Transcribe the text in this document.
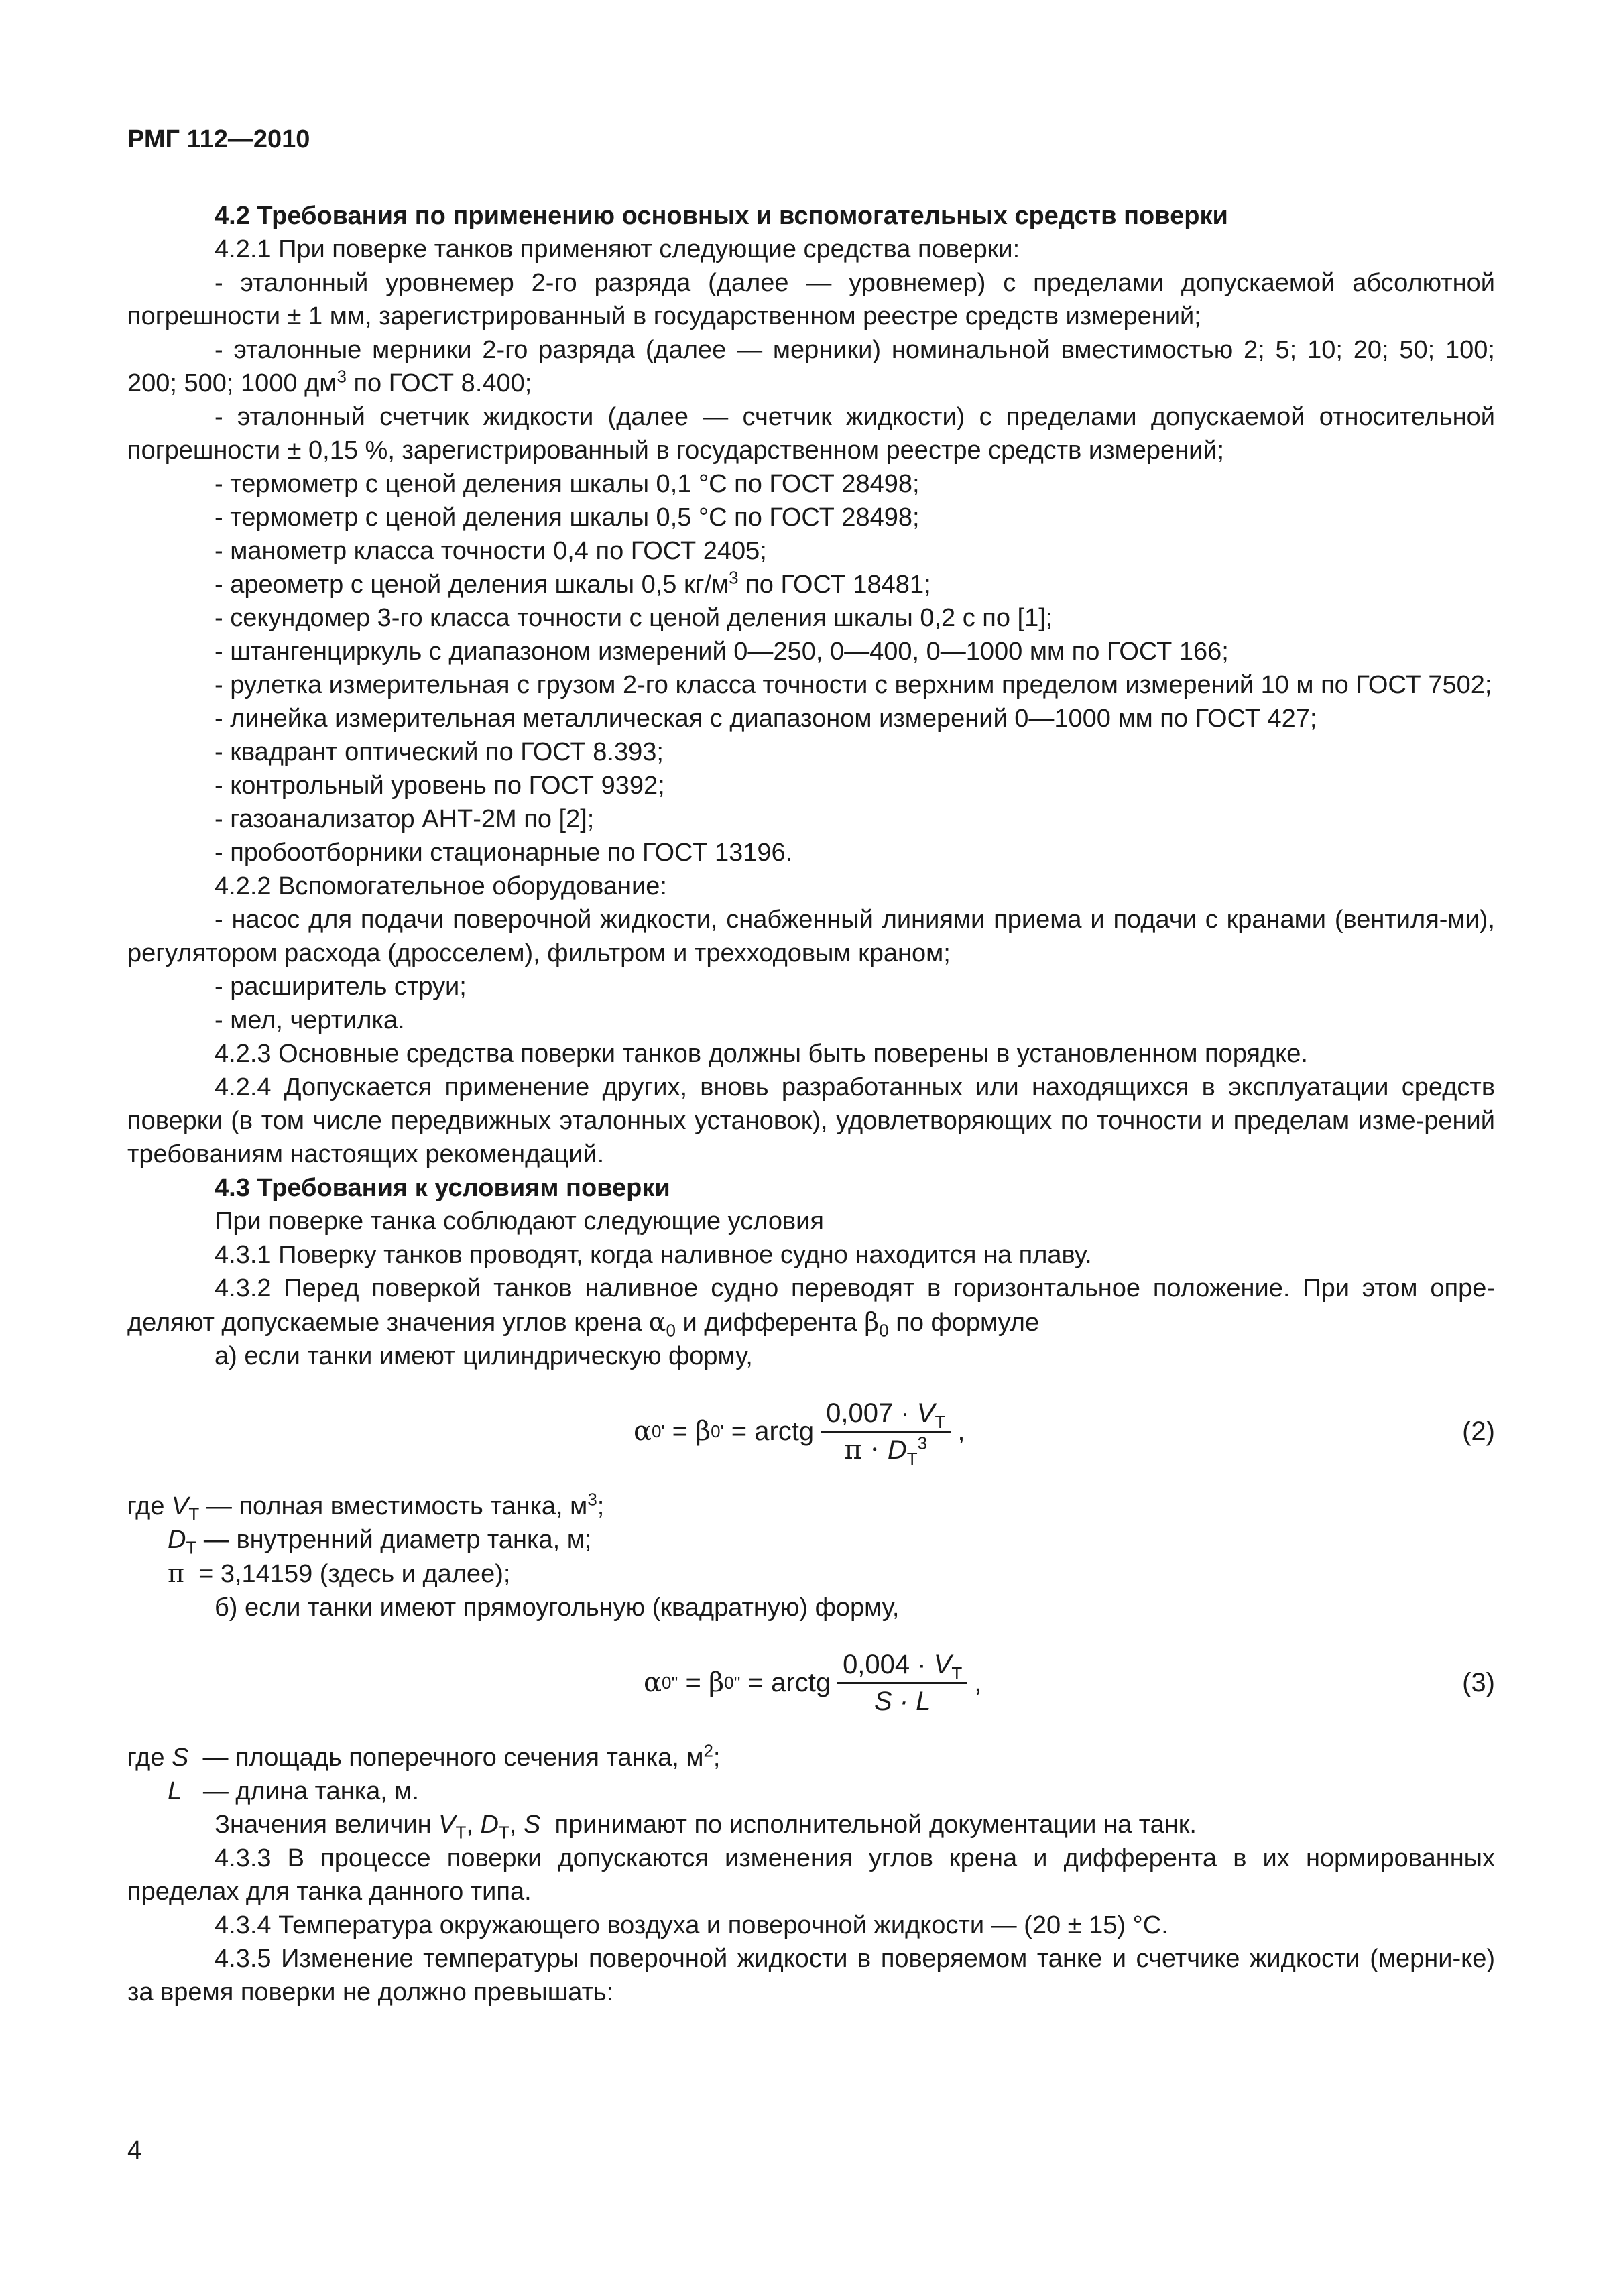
РМГ 112—2010

4.2 Требования по применению основных и вспомогательных средств поверки

4.2.1 При поверке танков применяют следующие средства поверки:

- эталонный уровнемер 2-го разряда (далее — уровнемер) с пределами допускаемой абсолютной погрешности ± 1 мм, зарегистрированный в государственном реестре средств измерений;

- эталонные мерники 2-го разряда (далее — мерники) номинальной вместимостью 2; 5; 10; 20; 50; 100; 200; 500; 1000 $дм^3$ по ГОСТ 8.400;

- эталонный счетчик жидкости (далее — счетчик жидкости) с пределами допускаемой относительной погрешности ± 0,15 %, зарегистрированный в государственном реестре средств измерений;

- термометр с ценой деления шкалы 0,1 °С по ГОСТ 28498;

- термометр с ценой деления шкалы 0,5 °С по ГОСТ 28498;

- манометр класса точности 0,4 по ГОСТ 2405;

- ареометр с ценой деления шкалы 0,5 $кг/м^3$ по ГОСТ 18481;

- секундомер 3-го класса точности с ценой деления шкалы 0,2 с по [1];

- штангенциркуль с диапазоном измерений 0—250, 0—400, 0—1000 мм по ГОСТ 166;

- рулетка измерительная с грузом 2-го класса точности с верхним пределом измерений 10 м по ГОСТ 7502;

- линейка измерительная металлическая с диапазоном измерений 0—1000 мм по ГОСТ 427;

- квадрант оптический по ГОСТ 8.393;

- контрольный уровень по ГОСТ 9392;

- газоанализатор АНТ-2М по [2];

- пробоотборники стационарные по ГОСТ 13196.

4.2.2 Вспомогательное оборудование:

- насос для подачи поверочной жидкости, снабженный линиями приема и подачи с кранами (вентиля-ми), регулятором расхода (дросселем), фильтром и трехходовым краном;

- расширитель струи;

- мел, чертилка.

4.2.3 Основные средства поверки танков должны быть поверены в установленном порядке.

4.2.4 Допускается применение других, вновь разработанных или находящихся в эксплуатации средств поверки (в том числе передвижных эталонных установок), удовлетворяющих по точности и пределам изме-рений требованиям настоящих рекомендаций.

4.3 Требования к условиям поверки

При поверке танка соблюдают следующие условия

4.3.1 Поверку танков проводят, когда наливное судно находится на плаву.

4.3.2 Перед поверкой танков наливное судно переводят в горизонтальное положение. При этом опре-деляют допускаемые значения углов крена $\alpha_0$ и дифферента $\beta_0$ по формуле

а) если танки имеют цилиндрическую форму,

α 0 ' = β 0 ' = arctg $\frac{0,007 \cdot V_T}{\pi \cdot D_T^3}$ ,	(2)

где $V_T$ — полная вместимость танка, $м^3$;

$D_T$ — внутренний диаметр танка, м;

π  = 3,14159 (здесь и далее);

б) если танки имеют прямоугольную (квадратную) форму,

α 0 '' = β 0 '' = arctg $\frac{0,004 \cdot V_T}{S \cdot L}$ ,	(3)

где S  — площадь поперечного сечения танка, $м^2$;

L   — длина танка, м.

Значения величин $V_T$, $D_T$, S  принимают по исполнительной документации на танк.

4.3.3 В процессе поверки допускаются изменения углов крена и дифферента в их нормированных пределах для танка данного типа.

4.3.4 Температура окружающего воздуха и поверочной жидкости — (20 ± 15) °С.

4.3.5 Изменение температуры поверочной жидкости в поверяемом танке и счетчике жидкости (мерни-ке) за время поверки не должно превышать:

4
